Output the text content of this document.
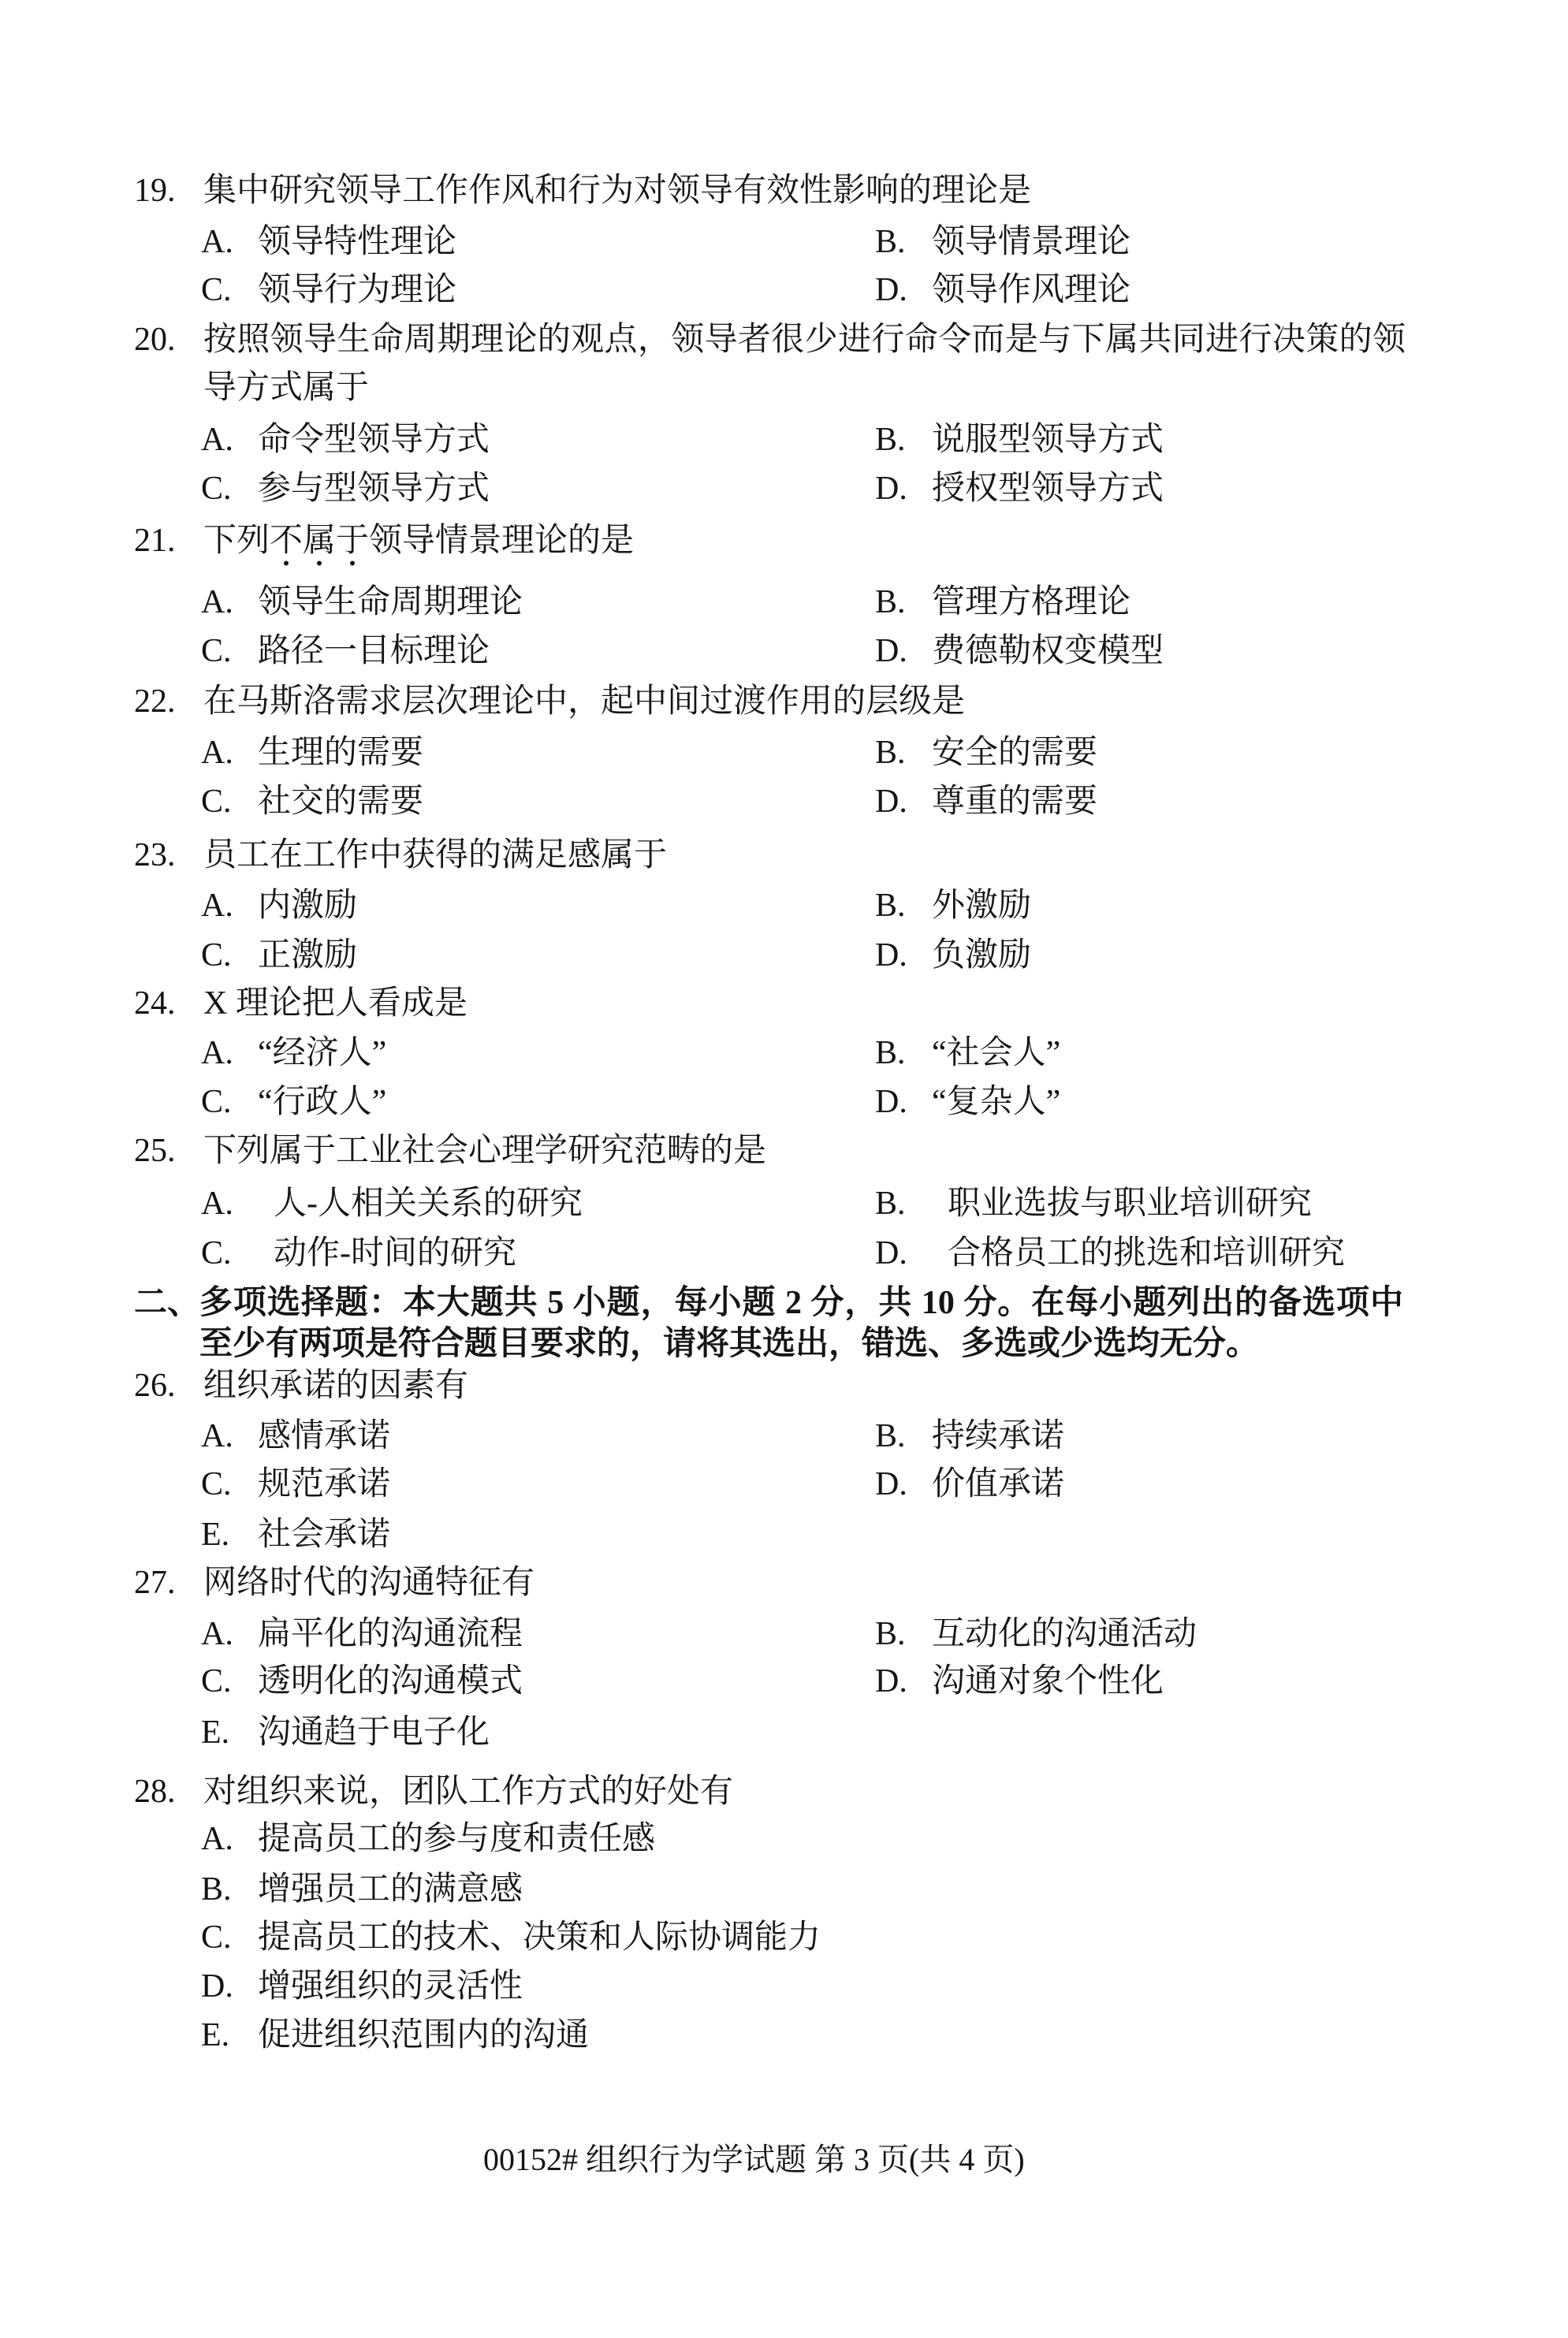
19. 集中研究领导工作作风和行为对领导有效性影响的理论是
A. 领导特性理论	B. 领导情景理论
C. 领导行为理论	D. 领导作风理论
20. 按照领导生命周期理论的观点，领导者很少进行命令而是与下属共同进行决策的领
导方式属于
A. 命令型领导方式	B. 说服型领导方式
C. 参与型领导方式	D. 授权型领导方式
21. 下列不属于领导情景理论的是
A. 领导生命周期理论	B. 管理方格理论
C. 路径一目标理论	D. 费德勒权变模型
22. 在马斯洛需求层次理论中，起中间过渡作用的层级是
A. 生理的需要	B. 安全的需要
C. 社交的需要	D. 尊重的需要
23. 员工在工作中获得的满足感属于
A. 内激励	B. 外激励
C. 正激励	D. 负激励
24. X 理论把人看成是
A. “经济人”	B. “社会人”
C. “行政人”	D. “复杂人”
25. 下列属于工业社会心理学研究范畴的是
A. 人-人相关关系的研究	B. 职业选拔与职业培训研究
C. 动作-时间的研究	D. 合格员工的挑选和培训研究
二、
多项选择题：本大题共 5 小题，每小题 2 分，共 10 分。在每小题列出的备选项中
至少有两项是符合题目要求的，请将其选出，错选、多选或少选均无分。
26. 组织承诺的因素有
A. 感情承诺	B. 持续承诺
C. 规范承诺	D. 价值承诺
E. 社会承诺
27. 网络时代的沟通特征有
A. 扁平化的沟通流程	B. 互动化的沟通活动
C. 透明化的沟通模式	D. 沟通对象个性化
E. 沟通趋于电子化
28. 对组织来说，团队工作方式的好处有
A. 提高员工的参与度和责任感
B. 增强员工的满意感
C. 提高员工的技术、决策和人际协调能力
D. 增强组织的灵活性
E. 促进组织范围内的沟通
00152# 组织行为学试题 第 3 页(共 4 页)
